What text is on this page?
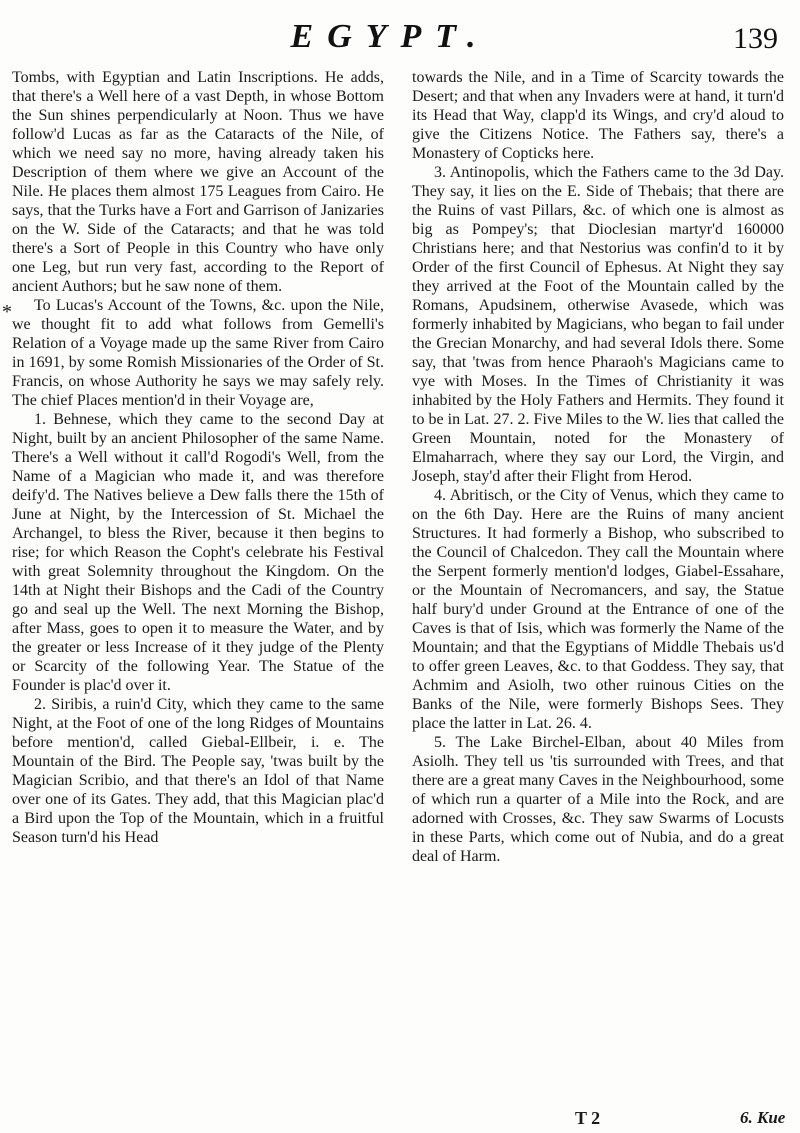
EGYPT.	139
*

Tombs, with Egyptian and Latin Inscriptions. He adds, that there's a Well here of a vast Depth, in whose Bottom the Sun shines perpendicularly at Noon. Thus we have follow'd Lucas as far as the Cataracts of the Nile, of which we need say no more, having already taken his Description of them where we give an Account of the Nile. He places them almost 175 Leagues from Cairo. He says, that the Turks have a Fort and Garrison of Janizaries on the W. Side of the Cataracts; and that he was told there's a Sort of People in this Country who have only one Leg, but run very fast, according to the Report of ancient Authors; but he saw none of them.

To Lucas's Account of the Towns, &c. upon the Nile, we thought fit to add what follows from Gemelli's Relation of a Voyage made up the same River from Cairo in 1691, by some Romish Missionaries of the Order of St. Francis, on whose Authority he says we may safely rely. The chief Places mention'd in their Voyage are,

1. Behnese, which they came to the second Day at Night, built by an ancient Philosopher of the same Name. There's a Well without it call'd Rogodi's Well, from the Name of a Magician who made it, and was therefore deify'd. The Natives believe a Dew falls there the 15th of June at Night, by the Intercession of St. Michael the Archangel, to bless the River, because it then begins to rise; for which Reason the Copht's celebrate his Festival with great Solemnity throughout the Kingdom. On the 14th at Night their Bishops and the Cadi of the Country go and seal up the Well. The next Morning the Bishop, after Mass, goes to open it to measure the Water, and by the greater or less Increase of it they judge of the Plenty or Scarcity of the following Year. The Statue of the Founder is plac'd over it.

2. Siribis, a ruin'd City, which they came to the same Night, at the Foot of one of the long Ridges of Mountains before mention'd, called Giebal-Ellbeir, i. e. The Mountain of the Bird. The People say, 'twas built by the Magician Scribio, and that there's an Idol of that Name over one of its Gates. They add, that this Magician plac'd a Bird upon the Top of the Mountain, which in a fruitful Season turn'd his Head

towards the Nile, and in a Time of Scarcity towards the Desert; and that when any Invaders were at hand, it turn'd its Head that Way, clapp'd its Wings, and cry'd aloud to give the Citizens Notice. The Fathers say, there's a Monastery of Copticks here.

3. Antinopolis, which the Fathers came to the 3d Day. They say, it lies on the E. Side of Thebais; that there are the Ruins of vast Pillars, &c. of which one is almost as big as Pompey's; that Dioclesian martyr'd 160000 Christians here; and that Nestorius was confin'd to it by Order of the first Council of Ephesus. At Night they say they arrived at the Foot of the Mountain called by the Romans, Apudsinem, otherwise Avasede, which was formerly inhabited by Magicians, who began to fail under the Grecian Monarchy, and had several Idols there. Some say, that 'twas from hence Pharaoh's Magicians came to vye with Moses. In the Times of Christianity it was inhabited by the Holy Fathers and Hermits. They found it to be in Lat. 27. 2. Five Miles to the W. lies that called the Green Mountain, noted for the Monastery of Elmaharrach, where they say our Lord, the Virgin, and Joseph, stay'd after their Flight from Herod.

4. Abritisch, or the City of Venus, which they came to on the 6th Day. Here are the Ruins of many ancient Structures. It had formerly a Bishop, who subscribed to the Council of Chalcedon. They call the Mountain where the Serpent formerly mention'd lodges, Giabel-Essahare, or the Mountain of Necromancers, and say, the Statue half bury'd under Ground at the Entrance of one of the Caves is that of Isis, which was formerly the Name of the Mountain; and that the Egyptians of Middle Thebais us'd to offer green Leaves, &c. to that Goddess. They say, that Achmim and Asiolh, two other ruinous Cities on the Banks of the Nile, were formerly Bishops Sees. They place the latter in Lat. 26. 4.

5. The Lake Birchel-Elban, about 40 Miles from Asiolh. They tell us 'tis surrounded with Trees, and that there are a great many Caves in the Neighbourhood, some of which run a quarter of a Mile into the Rock, and are adorned with Crosses, &c. They saw Swarms of Locusts in these Parts, which come out of Nubia, and do a great deal of Harm.

T 2	6. Kue
